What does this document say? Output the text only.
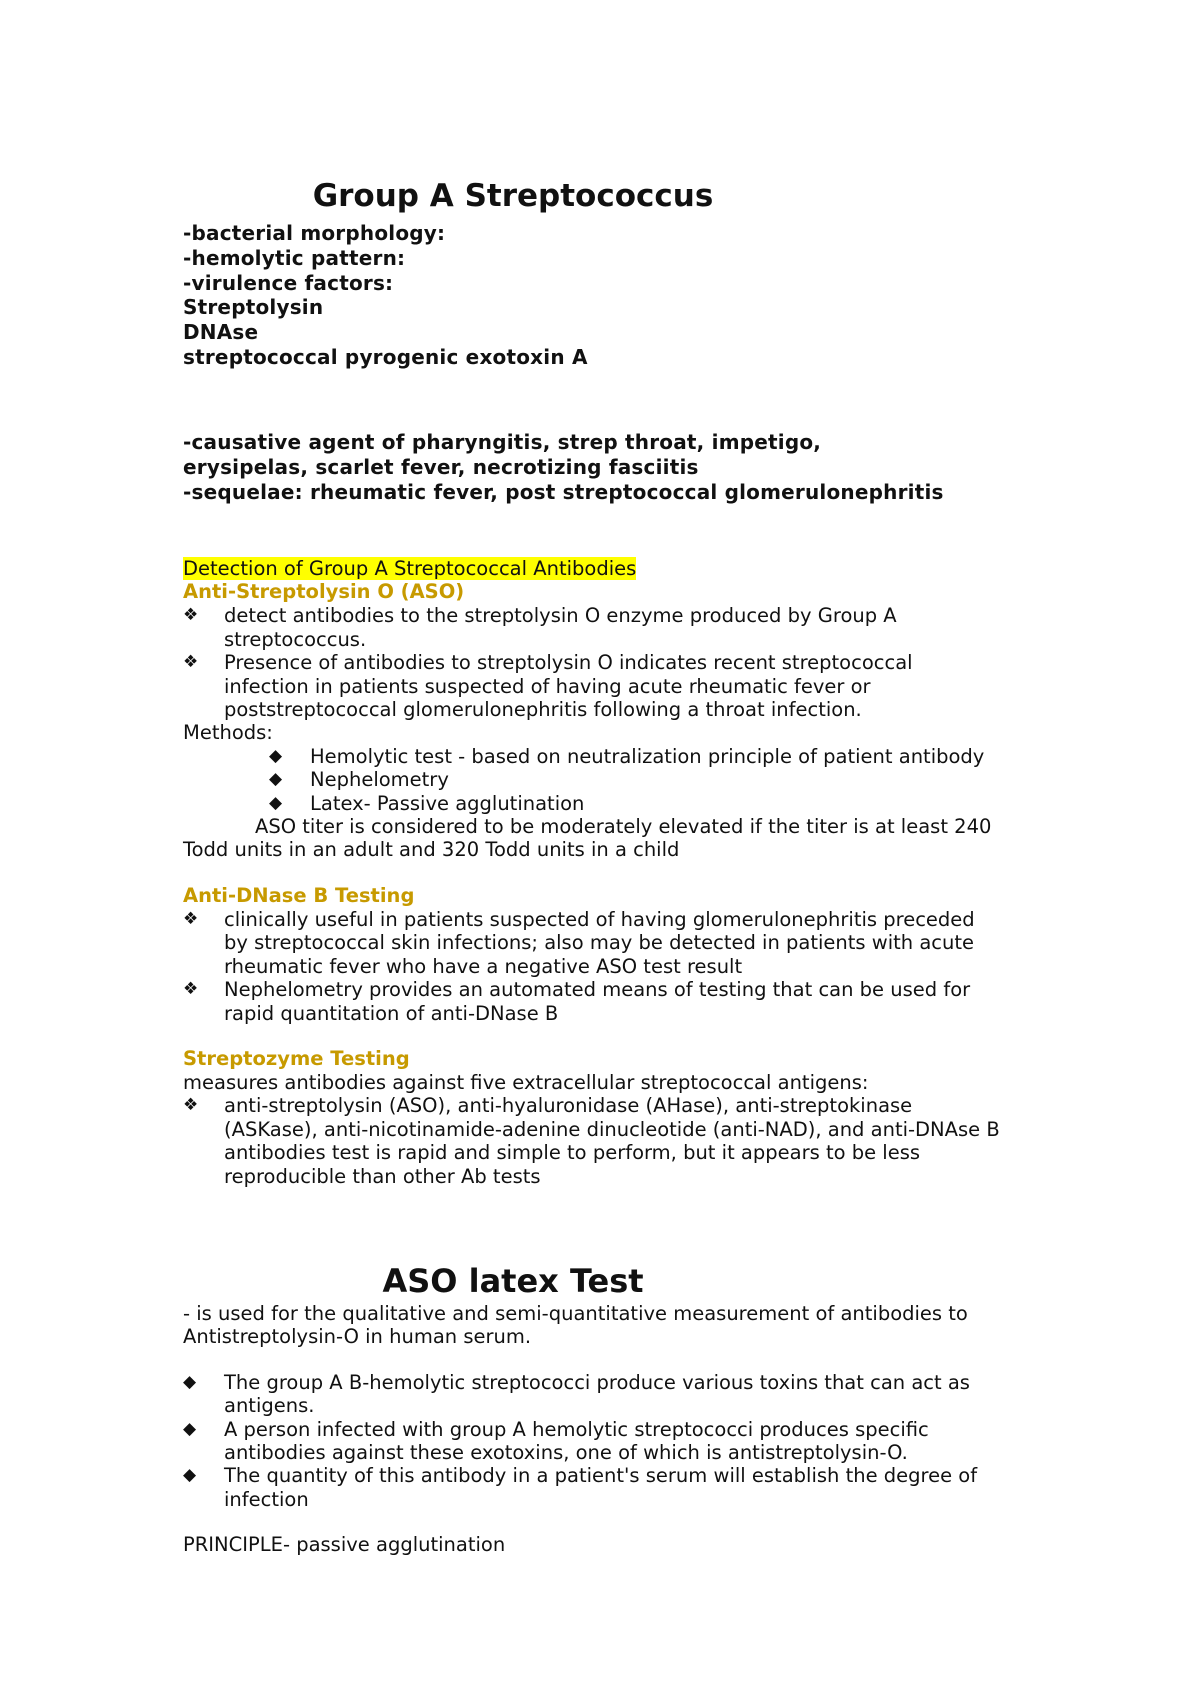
Group A Streptococcus
-bacterial morphology:
-hemolytic pattern:
-virulence factors:
Streptolysin
DNAse
streptococcal pyrogenic exotoxin A
-causative agent of pharyngitis, strep throat, impetigo,
erysipelas, scarlet fever, necrotizing fasciitis
-sequelae: rheumatic fever, post streptococcal glomerulonephritis
Detection of Group A Streptococcal Antibodies
Anti-Streptolysin O (ASO)
❖	detect antibodies to the streptolysin O enzyme produced by Group A streptococcus.
❖	Presence of antibodies to streptolysin O indicates recent streptococcal infection in patients suspected of having acute rheumatic fever or poststreptococcal glomerulonephritis following a throat infection.
Methods:
◆ Hemolytic test - based on neutralization principle of patient antibody
◆ Nephelometry
◆ Latex- Passive agglutination
ASO titer is considered to be moderately elevated if the titer is at least 240 Todd units in an adult and 320 Todd units in a child
Anti-DNase B Testing
❖	clinically useful in patients suspected of having glomerulonephritis preceded by streptococcal skin infections; also may be detected in patients with acute rheumatic fever who have a negative ASO test result
❖	Nephelometry provides an automated means of testing that can be used for rapid quantitation of anti-DNase B
Streptozyme Testing
measures antibodies against five extracellular streptococcal antigens:
❖	anti-streptolysin (ASO), anti-hyaluronidase (AHase), anti-streptokinase (ASKase), anti-nicotinamide-adenine dinucleotide (anti-NAD), and anti-DNAse B antibodies test is rapid and simple to perform, but it appears to be less reproducible than other Ab tests
ASO latex Test
- is used for the qualitative and semi-quantitative measurement of antibodies to Antistreptolysin-O in human serum.
◆	The group A B-hemolytic streptococci produce various toxins that can act as antigens.
◆	A person infected with group A hemolytic streptococci produces specific antibodies against these exotoxins, one of which is antistreptolysin-O.
◆	The quantity of this antibody in a patient's serum will establish the degree of infection
PRINCIPLE- passive agglutination
